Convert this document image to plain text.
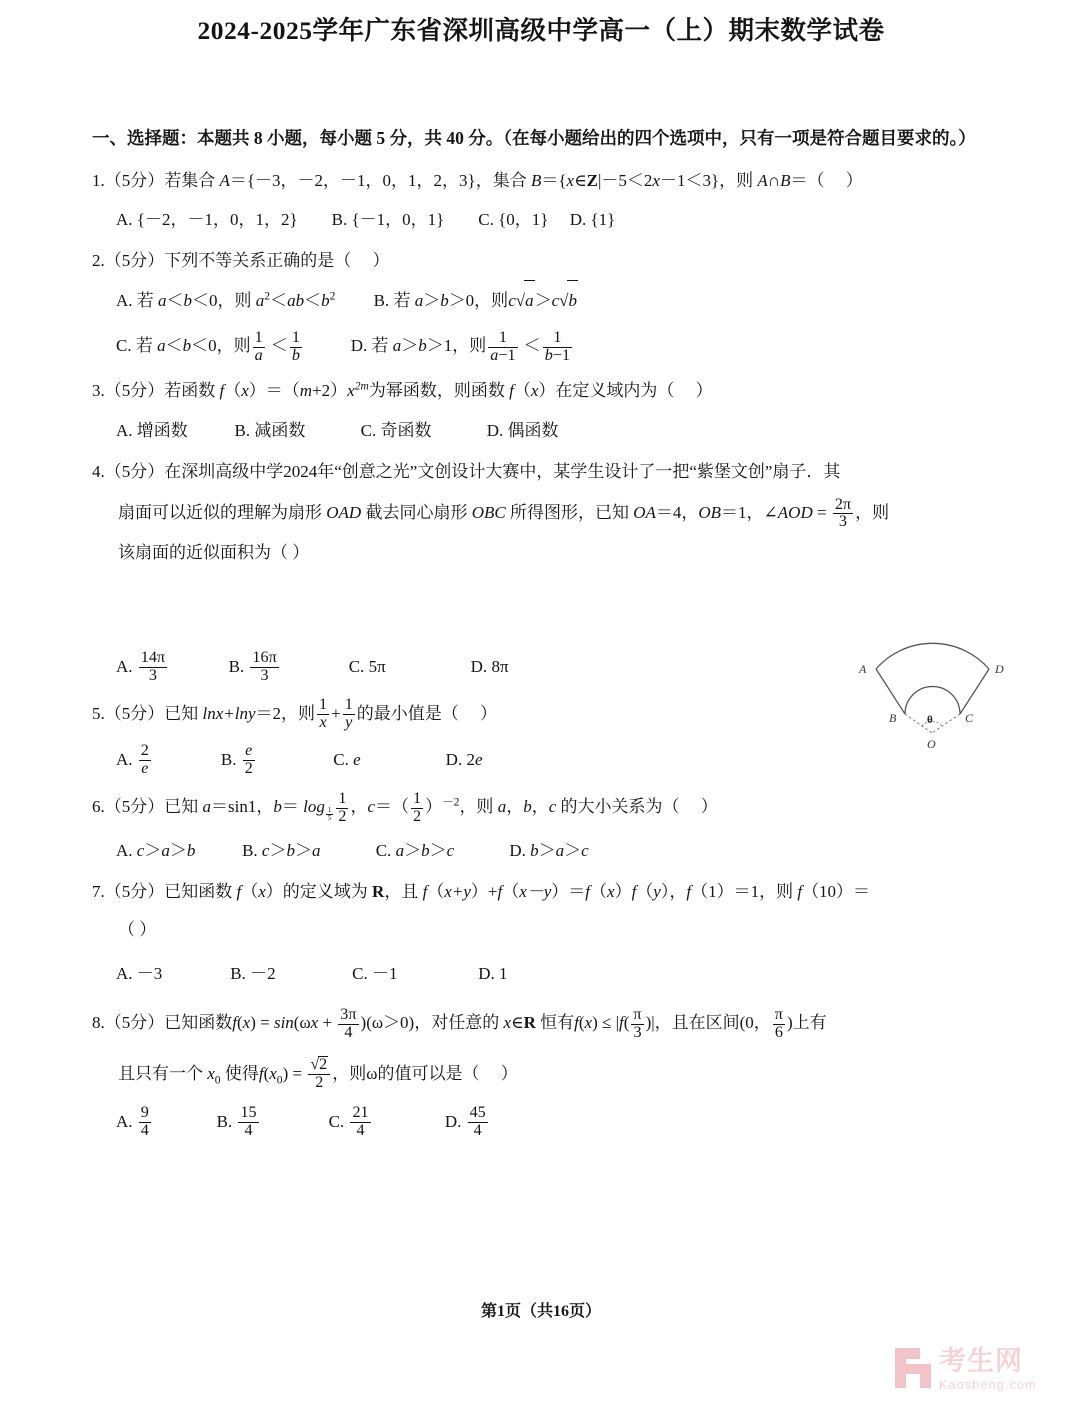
2024-2025学年广东省深圳高级中学高一（上）期末数学试卷

一、选择题：本题共 8 小题，每小题 5 分，共 40 分。（在每小题给出的四个选项中，只有一项是符合题目要求的。）

1.（5分）若集合 A＝{－3，－2，－1，0，1，2，3}，集合 B＝{x∈Z|－5＜2x－1＜3}，则 A∩B＝（     ）

A. {－2，－1，0，1，2} B. {－1，0，1} C. {0，1} D. {1}

2.（5分）下列不等关系正确的是（     ）

A. 若 a＜b＜0，则 $a^2<ab<b^2$ B. 若 a＞b＞0，则c√a＞c√b

C. 若 a＜b＜0，则 $\frac{1}{a} < \frac{1}{b}$	D. 若 a＞b＞1，则 $\frac{1}{a-1} < \frac{1}{b-1}$

3.（5分）若函数 $f(x)=(m+2)x^{2m}$为幂函数，则函数 f（x）在定义域内为（     ）

A. 增函数	B. 减函数	C. 奇函数	D. 偶函数

4.（5分）在深圳高级中学2024年“创意之光”文创设计大赛中，某学生设计了一把“紫堡文创”扇子．其

扇面可以近似的理解为扇形 OAD 截去同心扇形 OBC 所得图形，已知 OA＝4，OB＝1，∠AOD = $\frac{2\pi}{3}$ ，则

该扇面的近似面积为（ ）

A. $\frac{14\pi}{3}$	B. $\frac{16\pi}{3}$	C. 5π	D. 8π

5.（5分）已知 lnx+lny＝2，则 $\frac{1}{x} + \frac{1}{y}$ 的最小值是（     ）

A. $\frac{2}{e}$	B. $\frac{e}{2}$	C. e	D. 2e

6.（5分）已知 a＝sin1，$b= \log _{\frac{1}{5}} \frac{1}{2}$ ，$c=( \frac{1}{2} )^{-2}$，则 a，b，c 的大小关系为（     ）

A. c＞a＞b	B. c＞b＞a	C. a＞b＞c	D. b＞a＞c

7.（5分）已知函数 f（x）的定义域为 R，且 f（x+y）+f（x－y）＝f（x）f（y），f（1）＝1，则 f（10）＝

（ ）

A. －3	B. －2	C. －1	D. 1

8.（5分）已知函数$f(x) = \sin(\omega x + \frac{3\pi}{4} )(\omega>0)$，对任意的 x∈R 恒有$f(x) \le |f( \frac{\pi}{3}$ )|，且在区间(0， $\frac{\pi}{6}$ )上有

且只有一个 $x_0$ 使得$f(x_0) = \frac{√2}{2}$ ，则ω的值可以是（     ）

A. $\frac{9}{4}$	B. $\frac{15}{4}$	C. $\frac{21}{4}$	D. $\frac{45}{4}$

A	D
B	C
θ
O
第1页（共16页）
考生网
Kaosheng.com
